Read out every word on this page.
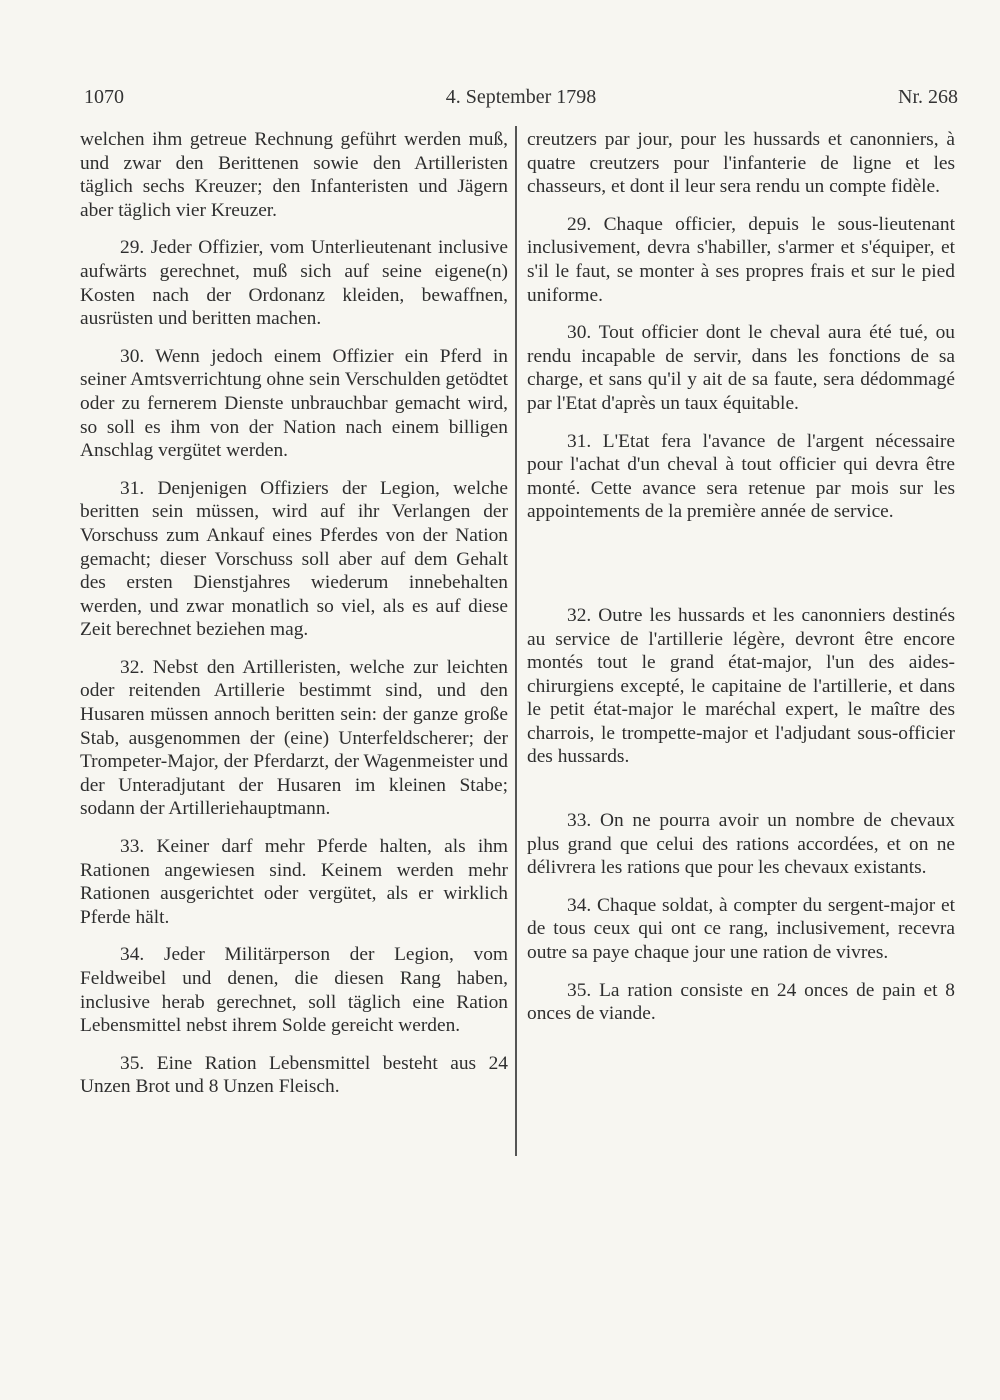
1070	4. September 1798	Nr. 268

welchen ihm getreue Rechnung geführt werden muß, und zwar den Berittenen sowie den Artilleristen täglich sechs Kreuzer; den Infanteristen und Jägern aber täglich vier Kreuzer.

29. Jeder Offizier, vom Unterlieutenant inclusive aufwärts gerechnet, muß sich auf seine eigene(n) Kosten nach der Ordonanz kleiden, bewaffnen, ausrüsten und beritten machen.

30. Wenn jedoch einem Offizier ein Pferd in seiner Amtsverrichtung ohne sein Verschulden getödtet oder zu fernerem Dienste unbrauchbar gemacht wird, so soll es ihm von der Nation nach einem billigen Anschlag vergütet werden.

31. Denjenigen Offiziers der Legion, welche beritten sein müssen, wird auf ihr Verlangen der Vorschuss zum Ankauf eines Pferdes von der Nation gemacht; dieser Vorschuss soll aber auf dem Gehalt des ersten Dienstjahres wiederum innebehalten werden, und zwar monatlich so viel, als es auf diese Zeit berechnet beziehen mag.

32. Nebst den Artilleristen, welche zur leichten oder reitenden Artillerie bestimmt sind, und den Husaren müssen annoch beritten sein: der ganze große Stab, ausgenommen der (eine) Unterfeldscherer; der Trompeter-Major, der Pferdarzt, der Wagenmeister und der Unteradjutant der Husaren im kleinen Stabe; sodann der Artilleriehauptmann.

33. Keiner darf mehr Pferde halten, als ihm Rationen angewiesen sind. Keinem werden mehr Rationen ausgerichtet oder vergütet, als er wirklich Pferde hält.

34. Jeder Militärperson der Legion, vom Feldweibel und denen, die diesen Rang haben, inclusive herab gerechnet, soll täglich eine Ration Lebensmittel nebst ihrem Solde gereicht werden.

35. Eine Ration Lebensmittel besteht aus 24 Unzen Brot und 8 Unzen Fleisch.

creutzers par jour, pour les hussards et canonniers, à quatre creutzers pour l'infanterie de ligne et les chasseurs, et dont il leur sera rendu un compte fidèle.

29. Chaque officier, depuis le sous-lieutenant inclusivement, devra s'habiller, s'armer et s'équiper, et s'il le faut, se monter à ses propres frais et sur le pied uniforme.

30. Tout officier dont le cheval aura été tué, ou rendu incapable de servir, dans les fonctions de sa charge, et sans qu'il y ait de sa faute, sera dédommagé par l'Etat d'après un taux équitable.

31. L'Etat fera l'avance de l'argent nécessaire pour l'achat d'un cheval à tout officier qui devra être monté. Cette avance sera retenue par mois sur les appointements de la première année de service.

32. Outre les hussards et les canonniers destinés au service de l'artillerie légère, devront être encore montés tout le grand état-major, l'un des aides-chirurgiens excepté, le capitaine de l'artillerie, et dans le petit état-major le maréchal expert, le maître des charrois, le trompette-major et l'adjudant sous-officier des hussards.

33. On ne pourra avoir un nombre de chevaux plus grand que celui des rations accordées, et on ne délivrera les rations que pour les chevaux existants.

34. Chaque soldat, à compter du sergent-major et de tous ceux qui ont ce rang, inclusivement, recevra outre sa paye chaque jour une ration de vivres.

35. La ration consiste en 24 onces de pain et 8 onces de viande.
